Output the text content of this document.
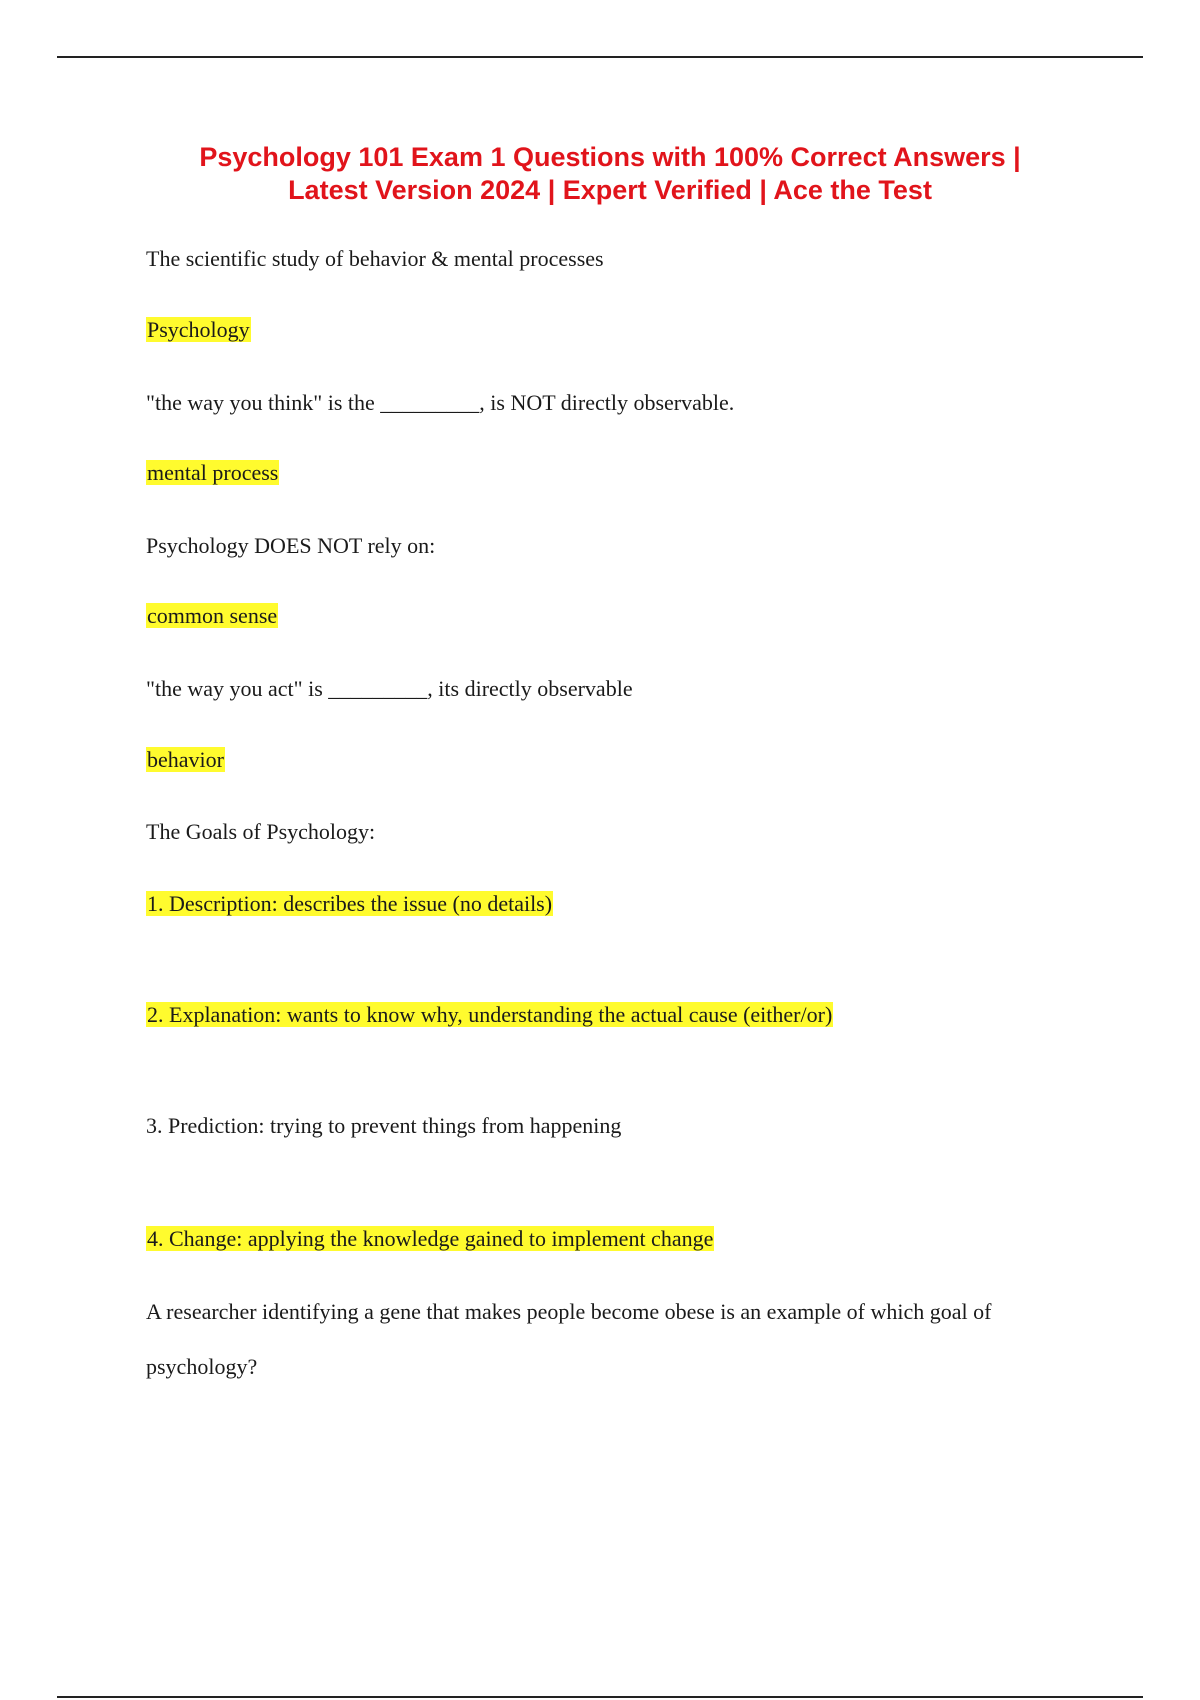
Psychology 101 Exam 1 Questions with 100% Correct Answers |
Latest Version 2024 | Expert Verified | Ace the Test
The scientific study of behavior & mental processes
Psychology
"the way you think" is the _________, is NOT directly observable.
mental process
Psychology DOES NOT rely on:
common sense
"the way you act" is _________, its directly observable
behavior
The Goals of Psychology:
1. Description: describes the issue (no details)
2. Explanation: wants to know why, understanding the actual cause (either/or)
3. Prediction: trying to prevent things from happening
4. Change: applying the knowledge gained to implement change
A researcher identifying a gene that makes people become obese is an example of which goal of
psychology?
